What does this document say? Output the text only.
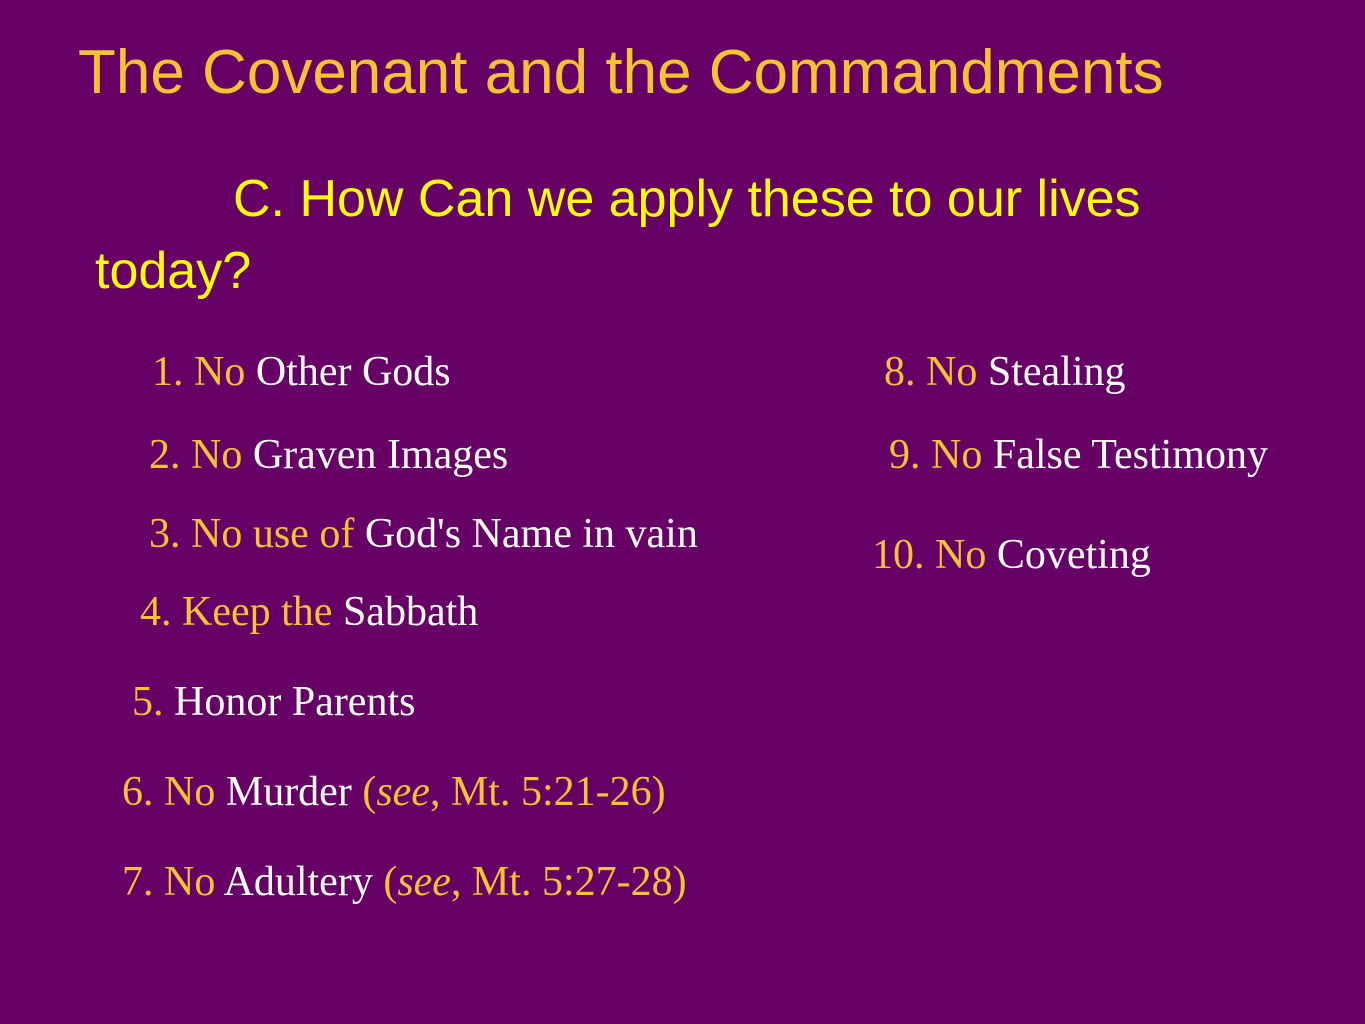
The Covenant and the Commandments
C. How Can we apply these to our lives
today?
1. No Other Gods
2. No Graven Images
3. No use of God's Name in vain
4. Keep the Sabbath
5. Honor Parents
6. No Murder (see, Mt. 5:21-26)
7. No Adultery (see, Mt. 5:27-28)
8. No Stealing
9. No False Testimony
10. No Coveting
